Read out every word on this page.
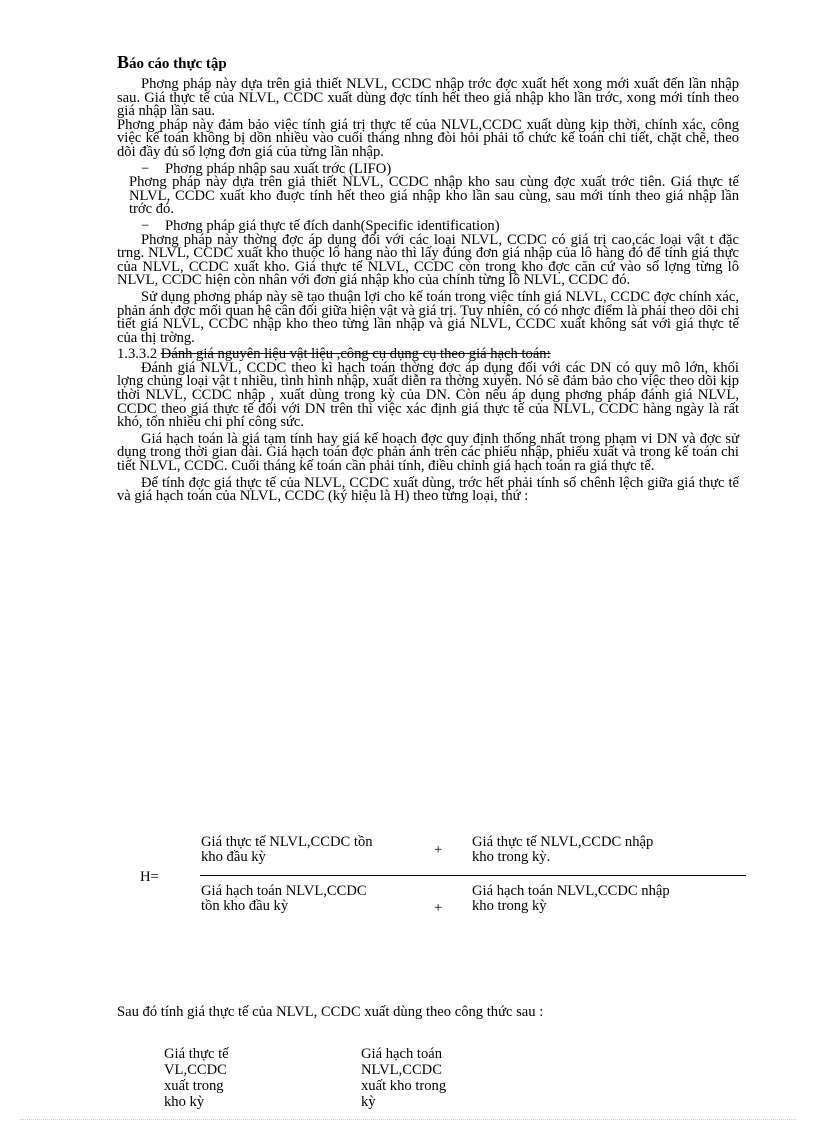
Báo cáo thực tập

Phơng pháp này dựa trên giả thiết NLVL, CCDC nhập trớc đợc xuất hết xong mới xuất đến lần nhập sau. Giá thực tế của NLVL, CCDC xuất dùng đợc tính hết theo giá nhập kho lần trớc, xong mới tính theo giá nhập lần sau.

Phơng pháp này đảm bảo việc tính giá trị thực tế của NLVL,CCDC xuất dùng kịp thời, chính xác, công việc kế toán không bị dồn nhiều vào cuối tháng nhng đòi hỏi phải tổ chức kế toán chi tiết, chặt chẽ, theo dõi đầy đủ số lợng đơn giá của từng lần nhập.

− Phơng pháp nhập sau xuất trớc (LIFO)

Phơng pháp này dựa trên giả thiết NLVL, CCDC nhập kho sau cùng đợc xuất trớc tiên. Giá thực tế NLVL, CCDC xuất kho đuợc tính hết theo giá nhập kho lần sau cùng, sau mới tính theo giá nhập lần trớc đó.

− Phơng pháp giá thực tế đích danh(Specific identification)

Phơng pháp này thờng đợc áp dụng đối với các loại NLVL, CCDC có giá trị cao,các loại vật t đặc trng. NLVL, CCDC xuất kho thuộc lô hàng nào thì lấy đúng đơn giá nhập của lô hàng đó để tính giá thực của NLVL, CCDC xuất kho. Giá thực tế NLVL, CCDC còn trong kho đợc căn cứ vào số lợng từng lô NLVL, CCDC hiện còn nhân với đơn giá nhập kho của chính từng lô NLVL, CCDC đó.

Sử dụng phơng pháp này sẽ tạo thuận lợi cho kế toán trong việc tính giá NLVL, CCDC đợc chính xác, phản ánh đợc mối quan hệ cân đối giữa hiện vật và giá trị. Tuy nhiên, có có nhợc điểm là phải theo dõi chi tiết giá NLVL, CCDC nhập kho theo từng lần nhập và giá NLVL, CCDC xuất không sát với giá thực tế của thị trờng.

1.3.3.2 Đánh giá nguyên liệu vật liệu ,công cụ dụng cụ theo giá hạch toán:

Đánh giá NLVL, CCDC theo kì hạch toán thờng đợc áp dụng đối với các DN có quy mô lớn, khối lợng chủng loại vật t nhiều, tình hình nhập, xuất diễn ra thờng xuyên. Nó sẽ đảm bảo cho việc theo dõi kịp thời NLVL, CCDC nhập , xuất dùng trong kỳ của DN. Còn nếu áp dụng phơng pháp đánh giá NLVL, CCDC theo giá thực tế đối với DN trên thì việc xác định giá thực tế của NLVL, CCDC hàng ngày là rất khó, tốn nhiều chi phí công sức.

Giá hạch toán là giá tạm tính hay giá kế hoạch đợc quy định thống nhất trong phạm vi DN và đợc sử dụng trong thời gian dài. Giá hạch toán đợc phản ánh trên các phiếu nhập, phiếu xuất và trong kế toán chi tiết NLVL, CCDC. Cuối tháng kế toán cần phải tính, điều chỉnh giá hạch toán ra giá thực tế.

Để tính đợc giá thực tế của NLVL, CCDC xuất dùng, trớc hết phải tính số chênh lệch giữa giá thực tế và giá hạch toán của NLVL, CCDC (ký hiệu là H) theo từng loại, thứ :

H=
Giá thực tế NLVL,CCDC tồn
kho đầu kỳ	+ Giá thực tế NLVL,CCDC nhập
kho trong kỳ.
Giá hạch toán NLVL,CCDC
tồn kho đầu kỳ	+
Giá hạch toán NLVL,CCDC nhập
kho trong kỳ
Sau đó tính giá thực tế của NLVL, CCDC xuất dùng theo công thức sau :
Giá thực tế
VL,CCDC
xuất trong
kho kỳ
Giá hạch toán
NLVL,CCDC
xuất kho trong
kỳ
